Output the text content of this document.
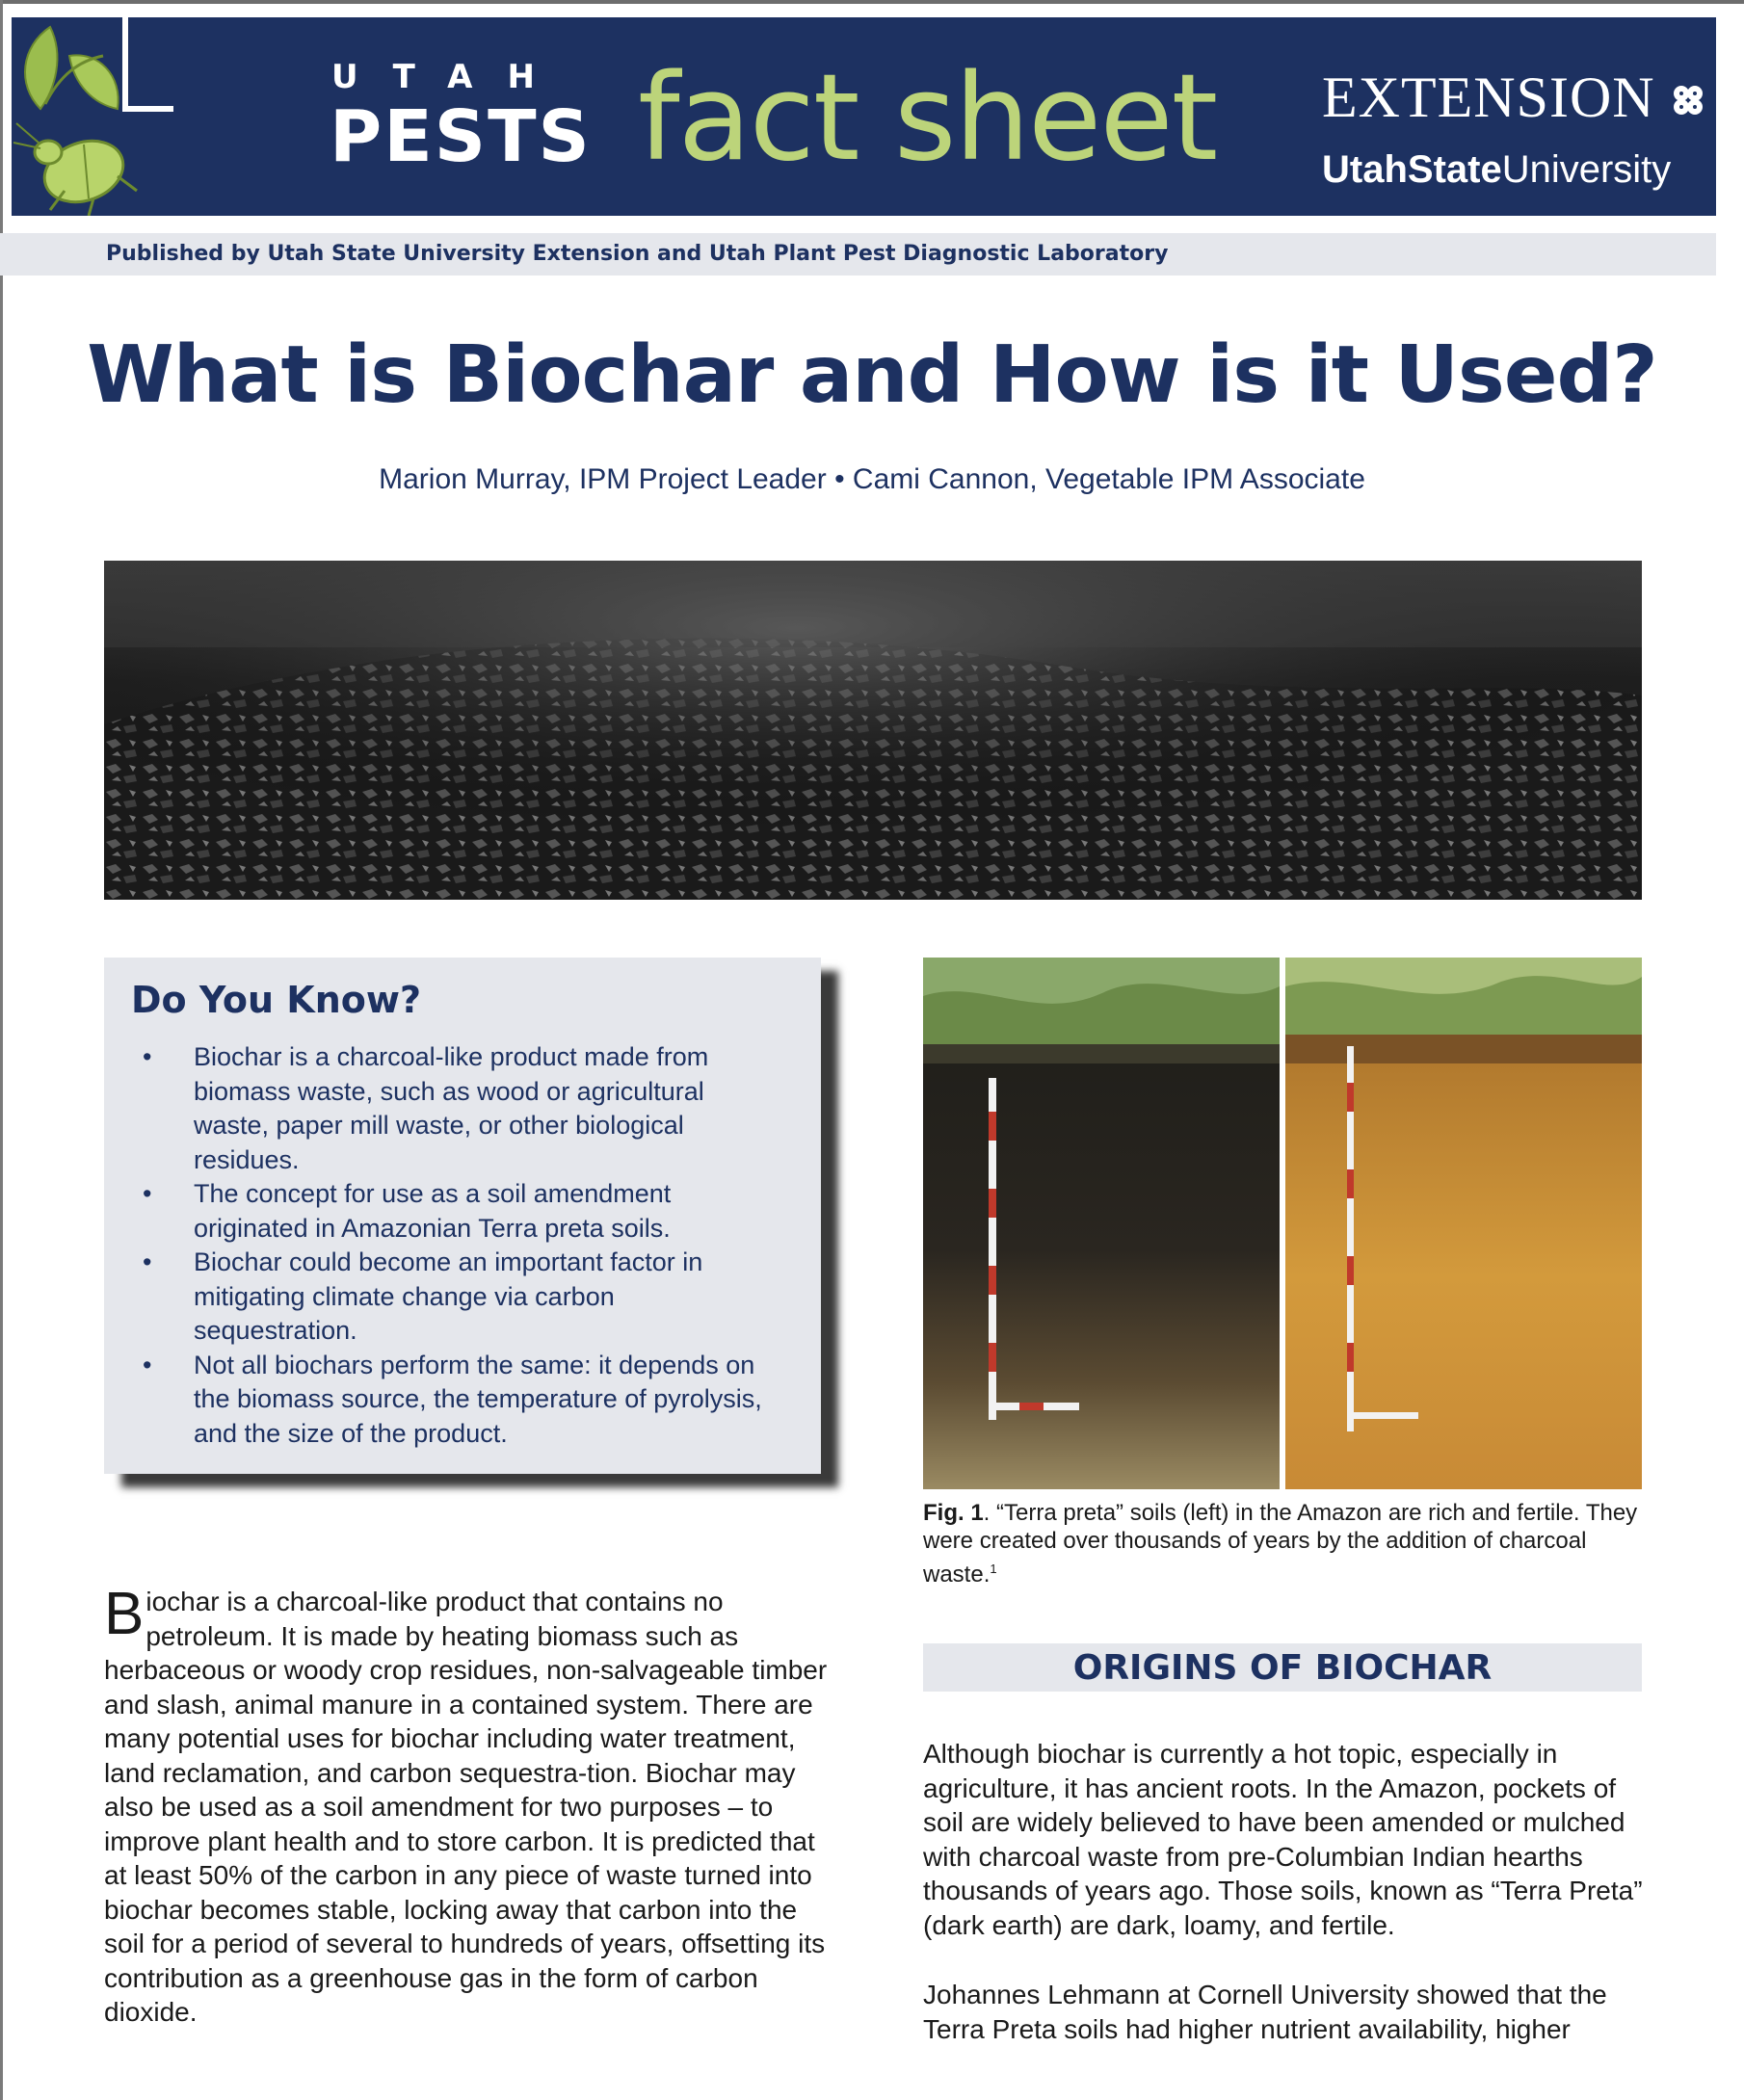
UTAH
PESTS fact sheet EXTENSION
UtahStateUniversity
Published by Utah State University Extension and Utah Plant Pest Diagnostic Laboratory
What is Biochar and How is it Used?
Marion Murray, IPM Project Leader • Cami Cannon, Vegetable IPM Associate
Do You Know?
• Biochar is a charcoal-like product made from biomass waste, such as wood or agricultural waste, paper mill waste, or other biological residues.
• The concept for use as a soil amendment originated in Amazonian Terra preta soils.
• Biochar could become an important factor in mitigating climate change via carbon sequestration.
• Not all biochars perform the same: it depends on the biomass source, the temperature of pyrolysis, and the size of the product.
Fig. 1. “Terra preta” soils (left) in the Amazon are rich and fertile. They were created over thousands of years by the addition of charcoal waste.$^1$
Biochar is a charcoal-like product that contains no petroleum. It is made by heating biomass such as herbaceous or woody crop residues, non-salvageable timber and slash, animal manure in a contained system. There are many potential uses for biochar including water treatment, land reclamation, and carbon sequestra-tion. Biochar may also be used as a soil amendment for two purposes – to improve plant health and to store carbon. It is predicted that at least 50% of the carbon in any piece of waste turned into biochar becomes stable, locking away that carbon into the soil for a period of several to hundreds of years, offsetting its contribution as a greenhouse gas in the form of carbon dioxide.
ORIGINS OF BIOCHAR
Although biochar is currently a hot topic, especially in agriculture, it has ancient roots. In the Amazon, pockets of soil are widely believed to have been amended or mulched with charcoal waste from pre-Columbian Indian hearths thousands of years ago. Those soils, known as “Terra Preta” (dark earth) are dark, loamy, and fertile.
Johannes Lehmann at Cornell University showed that the Terra Preta soils had higher nutrient availability, higher
